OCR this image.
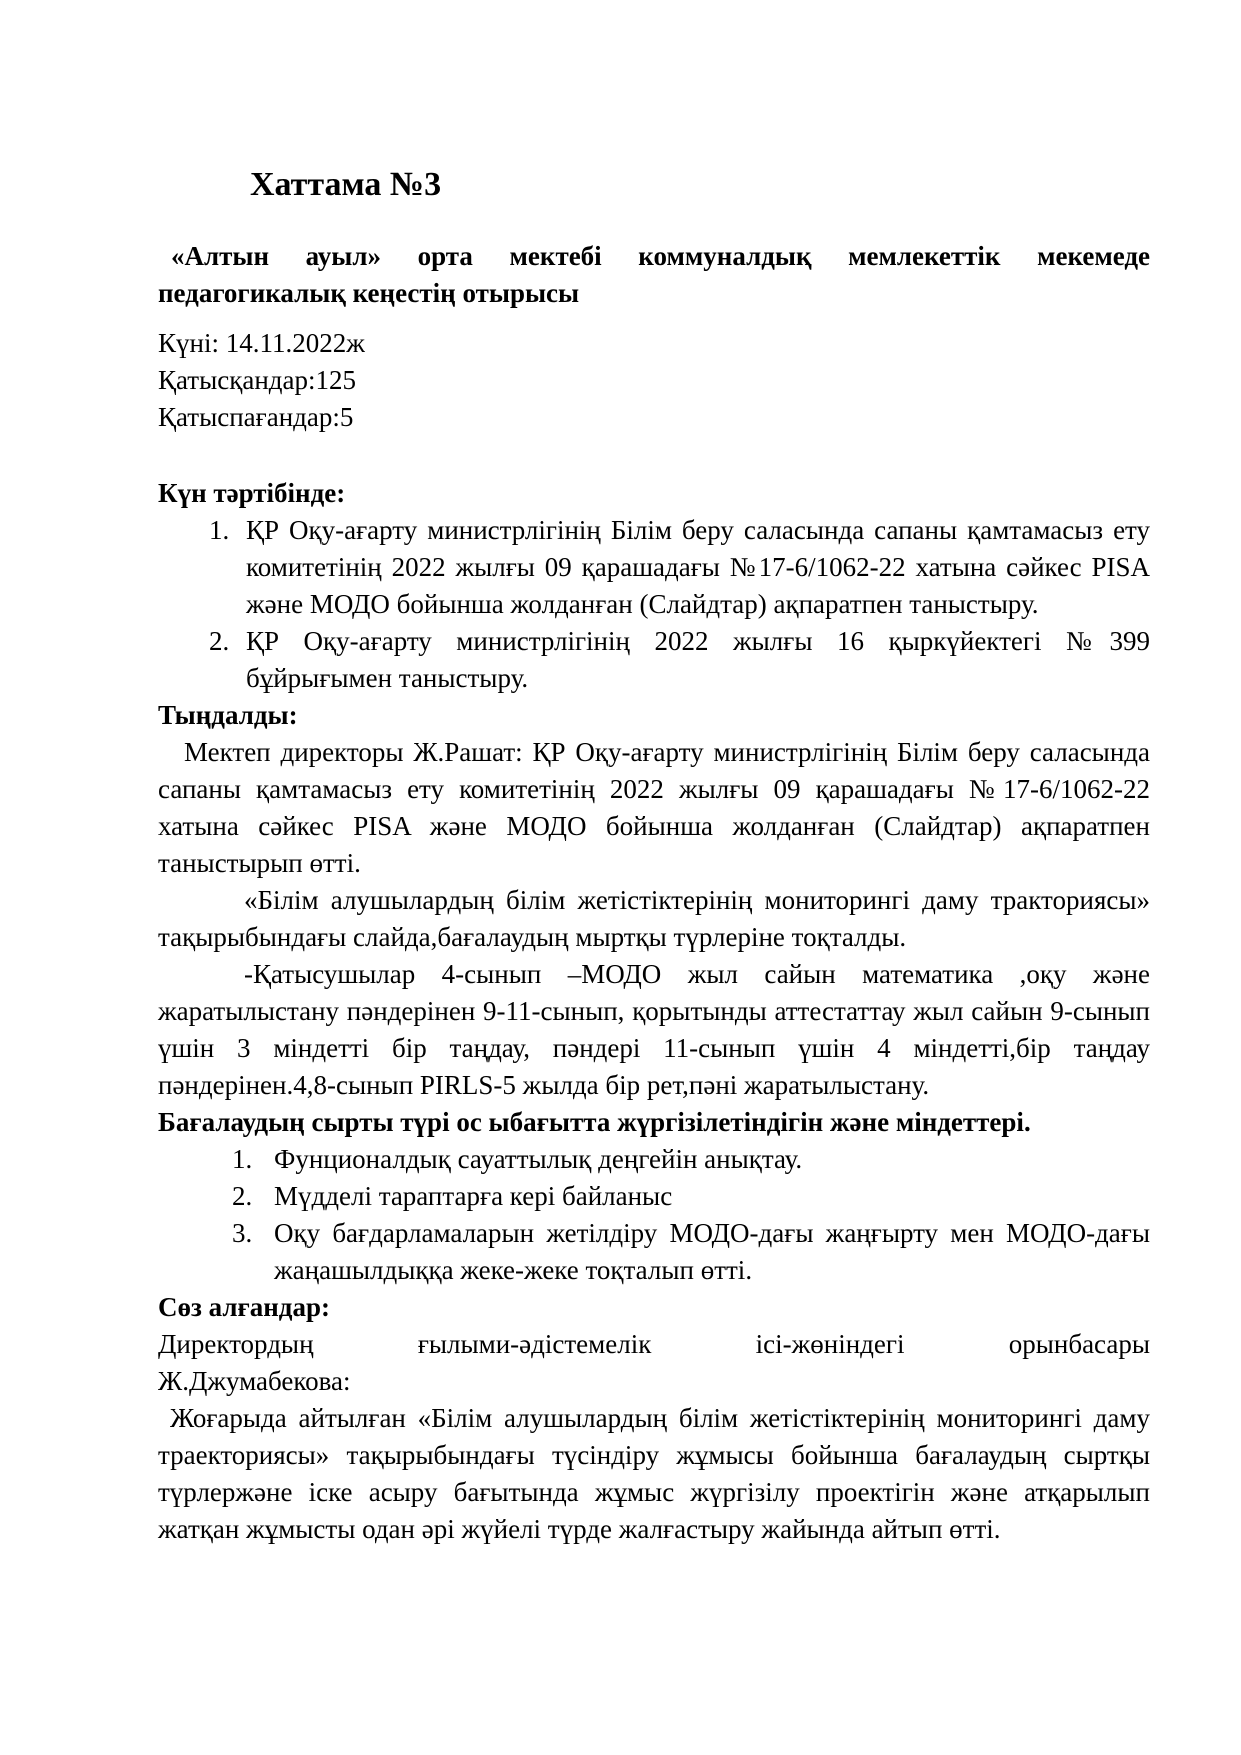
Хаттама №3

«Алтын ауыл» орта мектебі коммуналдық мемлекеттік мекемеде педагогикалық кеңестің отырысы

Күні: 14.11.2022ж

Қатысқандар:125

Қатыспағандар:5

Күн тәртібінде:
ҚР Оқу-ағарту министрлігінің Білім беру саласында сапаны қамтамасыз ету комитетінің 2022 жылғы 09 қарашадағы №17-6/1062-22 хатына сәйкес PISA және МОДО бойынша жолданған (Слайдтар) ақпаратпен таныстыру.
ҚР Оқу-ағарту министрлігінің 2022 жылғы 16 қыркүйектегі №399 бұйрығымен таныстыру.
Тыңдалды:

Мектеп директоры Ж.Рашат: ҚР Оқу-ағарту министрлігінің Білім беру саласында сапаны қамтамасыз ету комитетінің 2022 жылғы 09 қарашадағы №17-6/1062-22 хатына сәйкес PISA және МОДО бойынша жолданған (Слайдтар) ақпаратпен таныстырып өтті.

«Білім алушылардың білім жетістіктерінің мониторингі даму тракториясы» тақырыбындағы слайда,бағалаудың мыртқы түрлеріне тоқталды.

-Қатысушылар 4-сынып –МОДО жыл сайын математика ,оқу және жаратылыстану пәндерінен 9-11-сынып, қорытынды аттестаттау жыл сайын 9-сынып үшін 3 міндетті бір таңдау, пәндері 11-сынып үшін 4 міндетті,бір таңдау пәндерінен.4,8-сынып PIRLS-5 жылда бір рет,пәні жаратылыстану.

Бағалаудың сырты түрі ос ыбағытта жүргізілетіндігін және міндеттері.
Фунционалдық сауаттылық деңгейін анықтау.
Мүдделі тараптарға кері байланыс
Оқу бағдарламаларын жетілдіру МОДО-дағы жаңғырту мен МОДО-дағы жаңашылдыққа жеке-жеке тоқталып өтті.
Сөз алғандар:

Директордың ғылыми-әдістемелік ісі-жөніндегі орынбасары

Ж.Джумабекова:

Жоғарыда айтылған «Білім алушылардың білім жетістіктерінің мониторингі даму траекториясы» тақырыбындағы түсіндіру жұмысы бойынша бағалаудың сыртқы түрлержәне іске асыру бағытында жұмыс жүргізілу проектігін және атқарылып жатқан жұмысты одан әрі жүйелі түрде жалғастыру жайында айтып өтті.
